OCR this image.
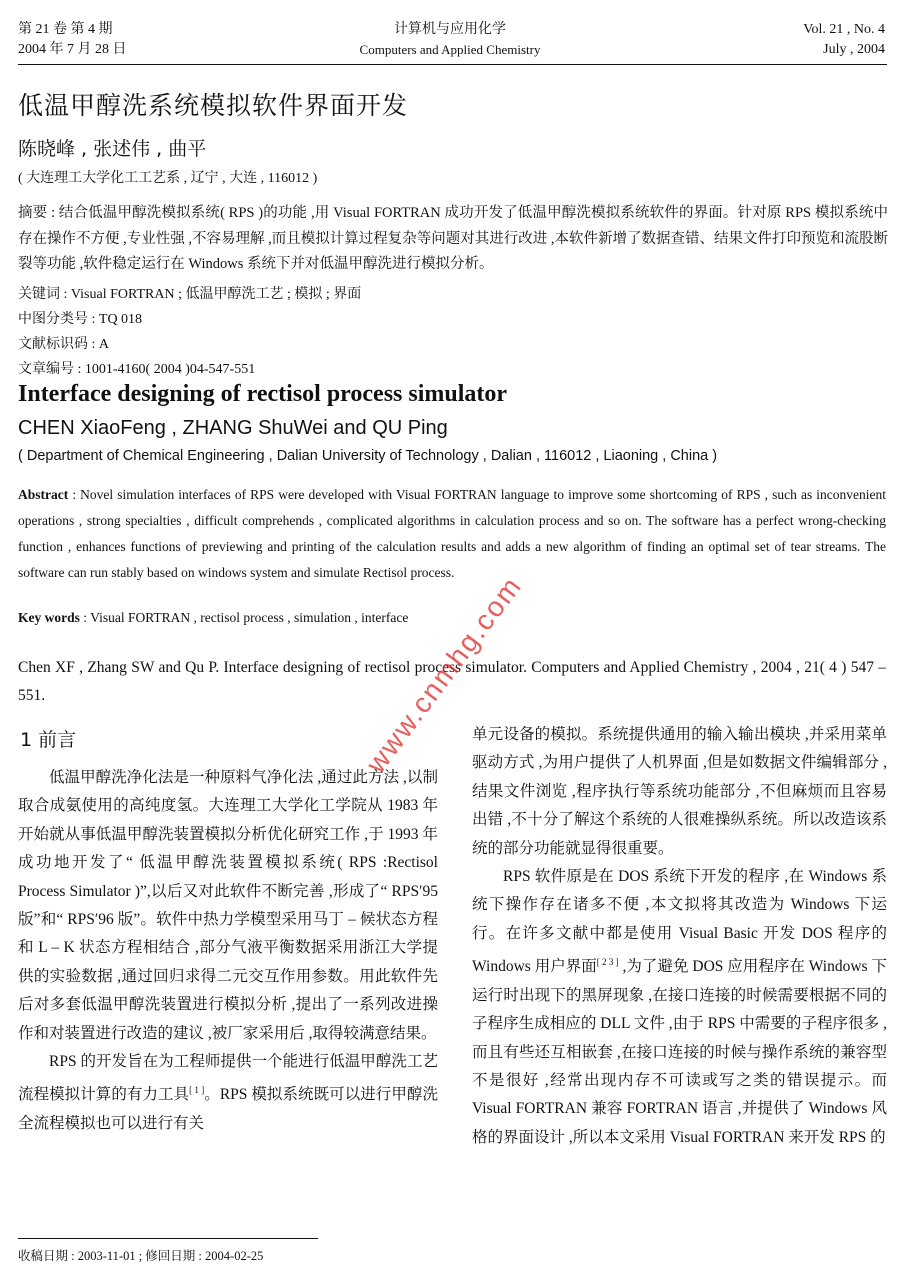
第 21 卷 第 4 期
2004 年 7 月 28 日
计算机与应用化学
Computers and Applied Chemistry
Vol. 21 , No. 4
July , 2004
低温甲醇洗系统模拟软件界面开发
陈晓峰 , 张述伟 , 曲平
( 大连理工大学化工工艺系 , 辽宁 , 大连 , 116012 )
摘要 : 结合低温甲醇洗模拟系统( RPS )的功能 ,用 Visual FORTRAN 成功开发了低温甲醇洗模拟系统软件的界面。针对原 RPS 模拟系统中存在操作不方便 ,专业性强 ,不容易理解 ,而且模拟计算过程复杂等问题对其进行改进 ,本软件新增了数据查错、结果文件打印预览和流股断裂等功能 ,软件稳定运行在 Windows 系统下并对低温甲醇洗进行模拟分析。
关键词 : Visual FORTRAN ; 低温甲醇洗工艺 ; 模拟 ; 界面
中图分类号 : TQ 018
文献标识码 : A
文章编号 : 1001-4160( 2004 )04-547-551
Interface designing of rectisol process simulator
CHEN XiaoFeng , ZHANG ShuWei and QU Ping
( Department of Chemical Engineering , Dalian University of Technology , Dalian , 116012 , Liaoning , China )
Abstract : Novel simulation interfaces of RPS were developed with Visual FORTRAN language to improve some shortcoming of RPS , such as inconvenient operations , strong specialties , difficult comprehends , complicated algorithms in calculation process and so on. The software has a perfect wrong-checking function , enhances functions of previewing and printing of the calculation results and adds a new algorithm of finding an optimal set of tear streams. The software can run stably based on windows system and simulate Rectisol process.
Key words : Visual FORTRAN , rectisol process , simulation , interface
Chen XF , Zhang SW and Qu P. Interface designing of rectisol process simulator. Computers and Applied Chemistry , 2004 , 21( 4 ) 547 – 551.
1 前言

低温甲醇洗净化法是一种原料气净化法 ,通过此方法 ,以制取合成氨使用的高纯度氢。大连理工大学化工学院从 1983 年开始就从事低温甲醇洗装置模拟分析优化研究工作 ,于 1993 年成功地开发了“ 低温甲醇洗装置模拟系统( RPS :Rectisol Process Simulator )”,以后又对此软件不断完善 ,形成了“ RPS′95 版”和“ RPS′96 版”。软件中热力学模型采用马丁 – 候状态方程和 L – K 状态方程相结合 ,部分气液平衡数据采用浙江大学提供的实验数据 ,通过回归求得二元交互作用参数。用此软件先后对多套低温甲醇洗装置进行模拟分析 ,提出了一系列改进操作和对装置进行改造的建议 ,被厂家采用后 ,取得较满意结果。

RPS 的开发旨在为工程师提供一个能进行低温甲醇洗工艺流程模拟计算的有力工具[ 1 ]。RPS 模拟系统既可以进行甲醇洗全流程模拟也可以进行有关

单元设备的模拟。系统提供通用的输入输出模块 ,并采用菜单驱动方式 ,为用户提供了人机界面 ,但是如数据文件编辑部分 ,结果文件浏览 ,程序执行等系统功能部分 ,不但麻烦而且容易出错 ,不十分了解这个系统的人很难操纵系统。所以改造该系统的部分功能就显得很重要。

RPS 软件原是在 DOS 系统下开发的程序 ,在 Windows 系统下操作存在诸多不便 ,本文拟将其改造为 Windows 下运行。在许多文献中都是使用 Visual Basic 开发 DOS 程序的 Windows 用户界面[ 2 3 ] ,为了避免 DOS 应用程序在 Windows 下运行时出现下的黑屏现象 ,在接口连接的时候需要根据不同的子程序生成相应的 DLL 文件 ,由于 RPS 中需要的子程序很多 ,而且有些还互相嵌套 ,在接口连接的时候与操作系统的兼容型不是很好 ,经常出现内存不可读或写之类的错误提示。而 Visual FORTRAN 兼容 FORTRAN 语言 ,并提供了 Windows 风格的界面设计 ,所以本文采用 Visual FORTRAN 来开发 RPS 的

收稿日期 : 2003-11-01 ; 修回日期 : 2004-02-25
www.cnmhg.com
